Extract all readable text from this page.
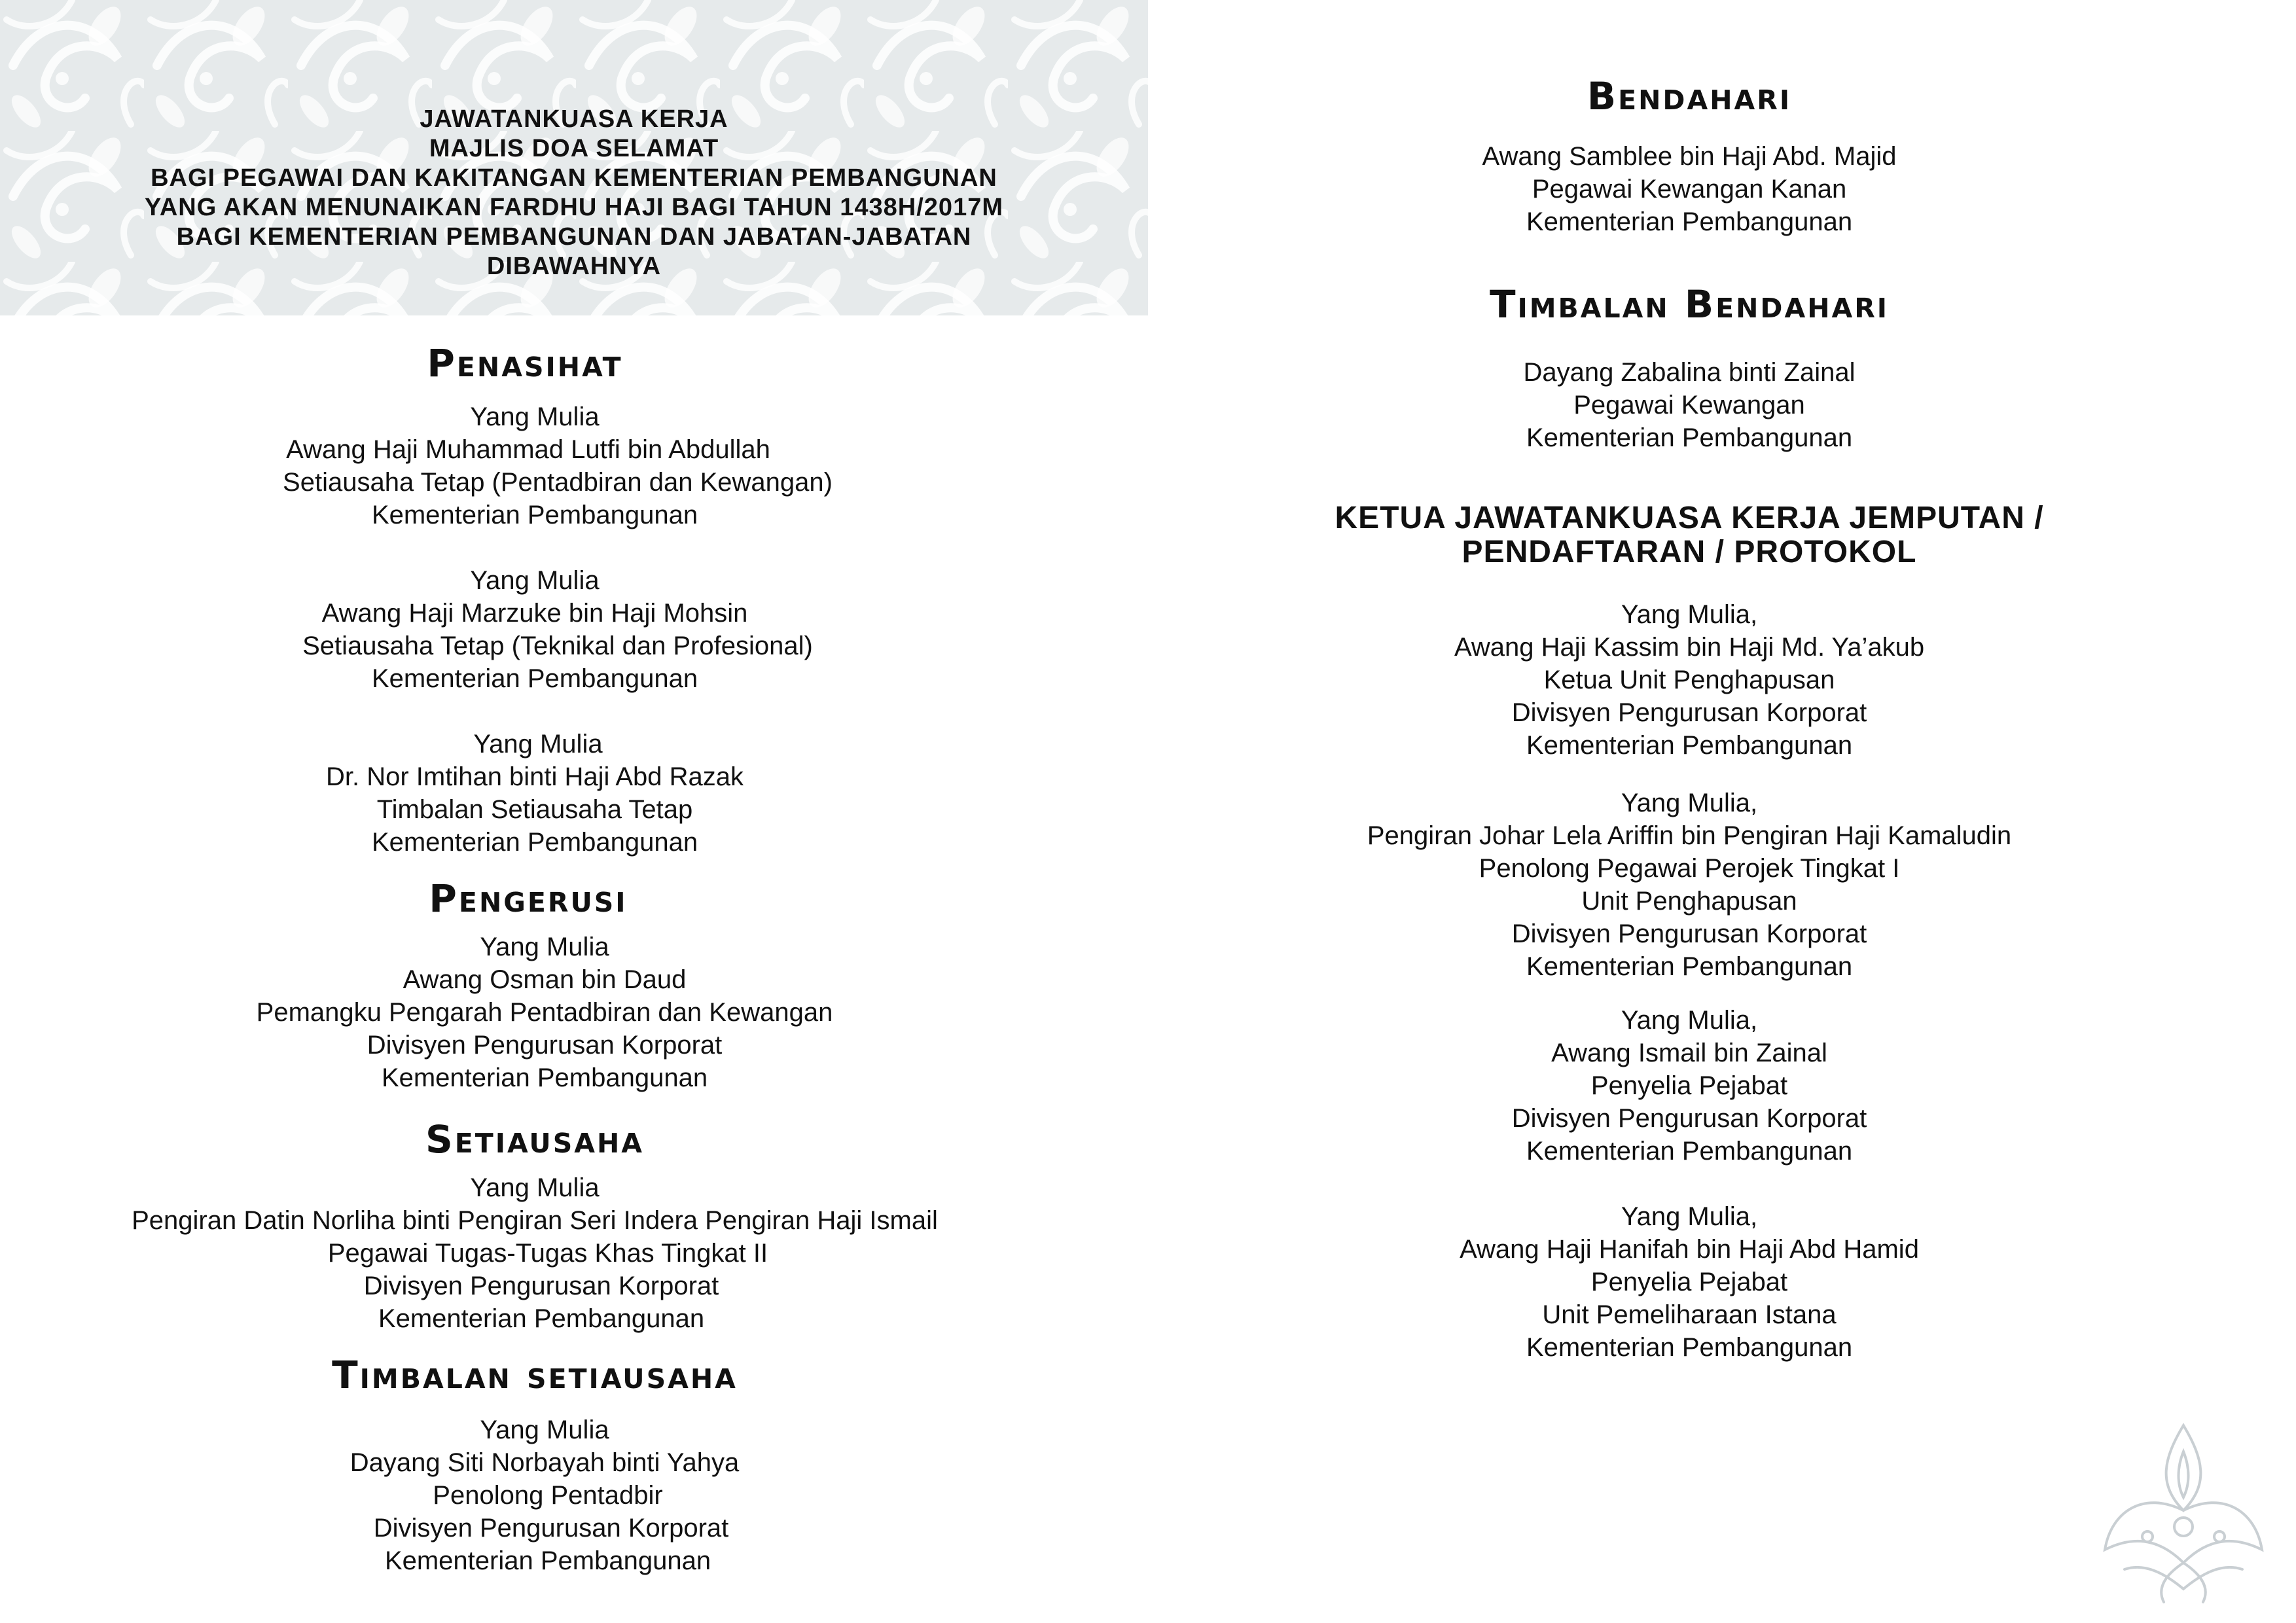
JAWATANKUASA KERJA
MAJLIS DOA SELAMAT
BAGI PEGAWAI DAN KAKITANGAN KEMENTERIAN PEMBANGUNAN
YANG AKAN MENUNAIKAN FARDHU HAJI BAGI TAHUN 1438H/2017M
BAGI KEMENTERIAN PEMBANGUNAN DAN JABATAN-JABATAN
DIBAWAHNYA
Penasihat
Yang Mulia
Awang Haji Muhammad Lutfi bin Abdullah
Setiausaha Tetap (Pentadbiran dan Kewangan)
Kementerian Pembangunan
Yang Mulia
Awang Haji Marzuke bin Haji Mohsin
Setiausaha Tetap (Teknikal dan Profesional)
Kementerian Pembangunan
Yang Mulia
Dr. Nor Imtihan binti Haji Abd Razak
Timbalan Setiausaha Tetap
Kementerian Pembangunan
Pengerusi
Yang Mulia
Awang Osman bin Daud
Pemangku Pengarah Pentadbiran dan Kewangan
Divisyen Pengurusan Korporat
Kementerian Pembangunan
Setiausaha
Yang Mulia
Pengiran Datin Norliha binti Pengiran Seri Indera Pengiran Haji Ismail
Pegawai Tugas-Tugas Khas Tingkat II
Divisyen Pengurusan Korporat
Kementerian Pembangunan
Timbalan setiausaha
Yang Mulia
Dayang Siti Norbayah binti Yahya
Penolong Pentadbir
Divisyen Pengurusan Korporat
Kementerian Pembangunan
Bendahari
Awang Samblee bin Haji Abd. Majid
Pegawai Kewangan Kanan
Kementerian Pembangunan
Timbalan Bendahari
Dayang Zabalina binti Zainal
Pegawai Kewangan
Kementerian Pembangunan
KETUA JAWATANKUASA KERJA JEMPUTAN /
PENDAFTARAN / PROTOKOL
Yang Mulia,
Awang Haji Kassim bin Haji Md. Ya’akub
Ketua Unit Penghapusan
Divisyen Pengurusan Korporat
Kementerian Pembangunan
Yang Mulia,
Pengiran Johar Lela Ariffin bin Pengiran Haji Kamaludin
Penolong Pegawai Perojek Tingkat I
Unit Penghapusan
Divisyen Pengurusan Korporat
Kementerian Pembangunan
Yang Mulia,
Awang Ismail bin Zainal
Penyelia Pejabat
Divisyen Pengurusan Korporat
Kementerian Pembangunan
Yang Mulia,
Awang Haji Hanifah bin Haji Abd Hamid
Penyelia Pejabat
Unit Pemeliharaan Istana
Kementerian Pembangunan
